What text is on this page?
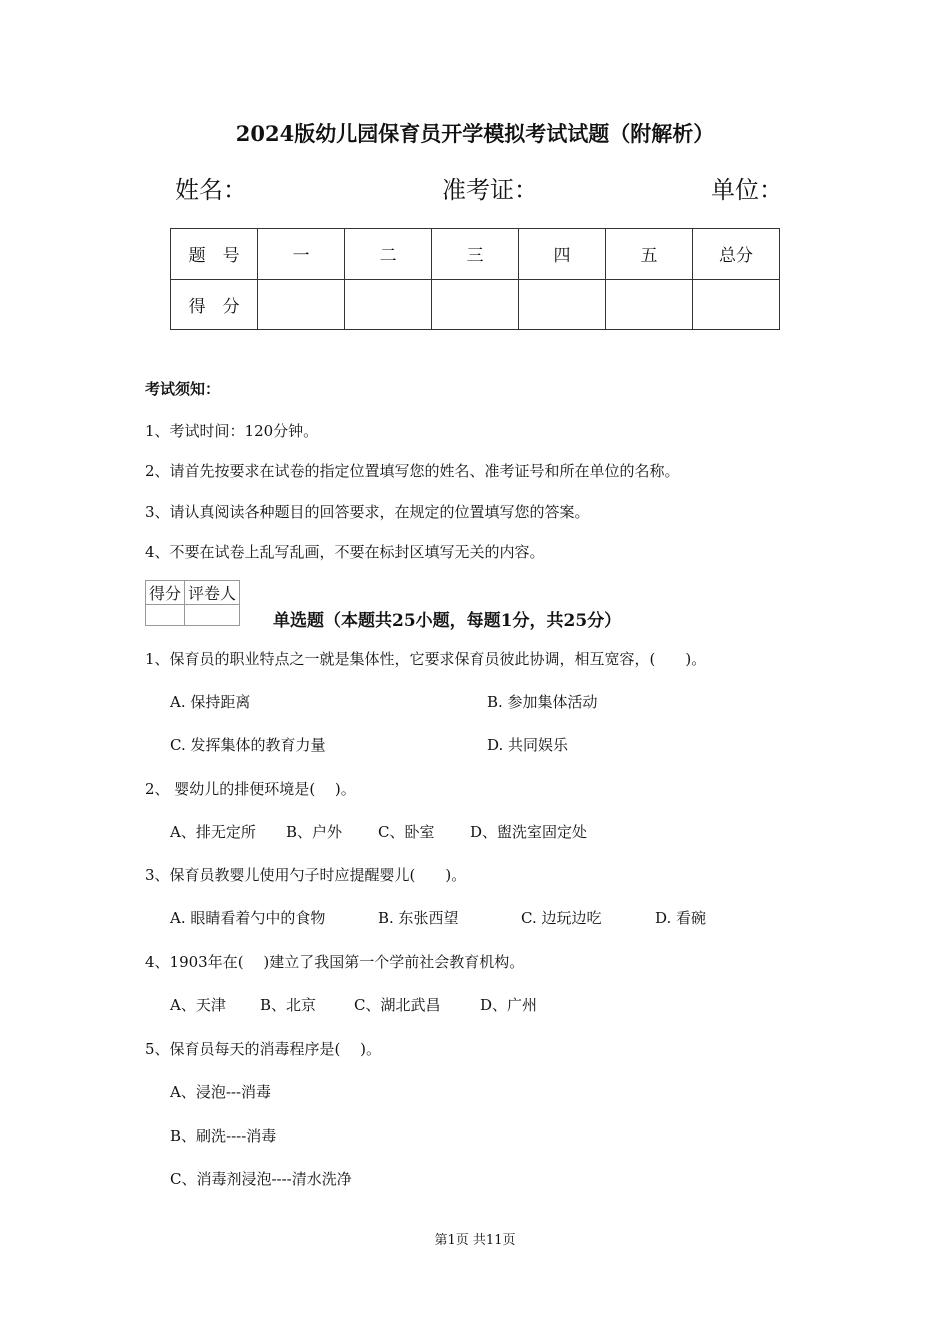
2024版幼儿园保育员开学模拟考试试题（附解析）
姓名：	准考证：	单位：
题　号	一	二	三	四	五	总分
得　分						
考试须知：
1、考试时间：120分钟。
2、请首先按要求在试卷的指定位置填写您的姓名、准考证号和所在单位的名称。
3、请认真阅读各种题目的回答要求，在规定的位置填写您的答案。
4、不要在试卷上乱写乱画，不要在标封区填写无关的内容。
得分	评卷人

单选题（本题共25小题，每题1分，共25分）
1、保育员的职业特点之一就是集体性，它要求保育员彼此协调，相互宽容，(　　)。
A. 保持距离	B. 参加集体活动
C. 发挥集体的教育力量	D. 共同娱乐
2、 婴幼儿的排便环境是(　 )。
A、排无定所 B、户外 C、卧室 D、盥洗室固定处
3、保育员教婴儿使用勺子时应提醒婴儿(　　)。
A. 眼睛看着勺中的食物	B. 东张西望	C. 边玩边吃	D. 看碗
4、1903年在(　 )建立了我国第一个学前社会教育机构。
A、天津 B、北京	C、湖北武昌	D、广州
5、保育员每天的消毒程序是(　 )。
A、浸泡---消毒
B、刷洗----消毒
C、消毒剂浸泡----清水洗净
第1页 共11页
